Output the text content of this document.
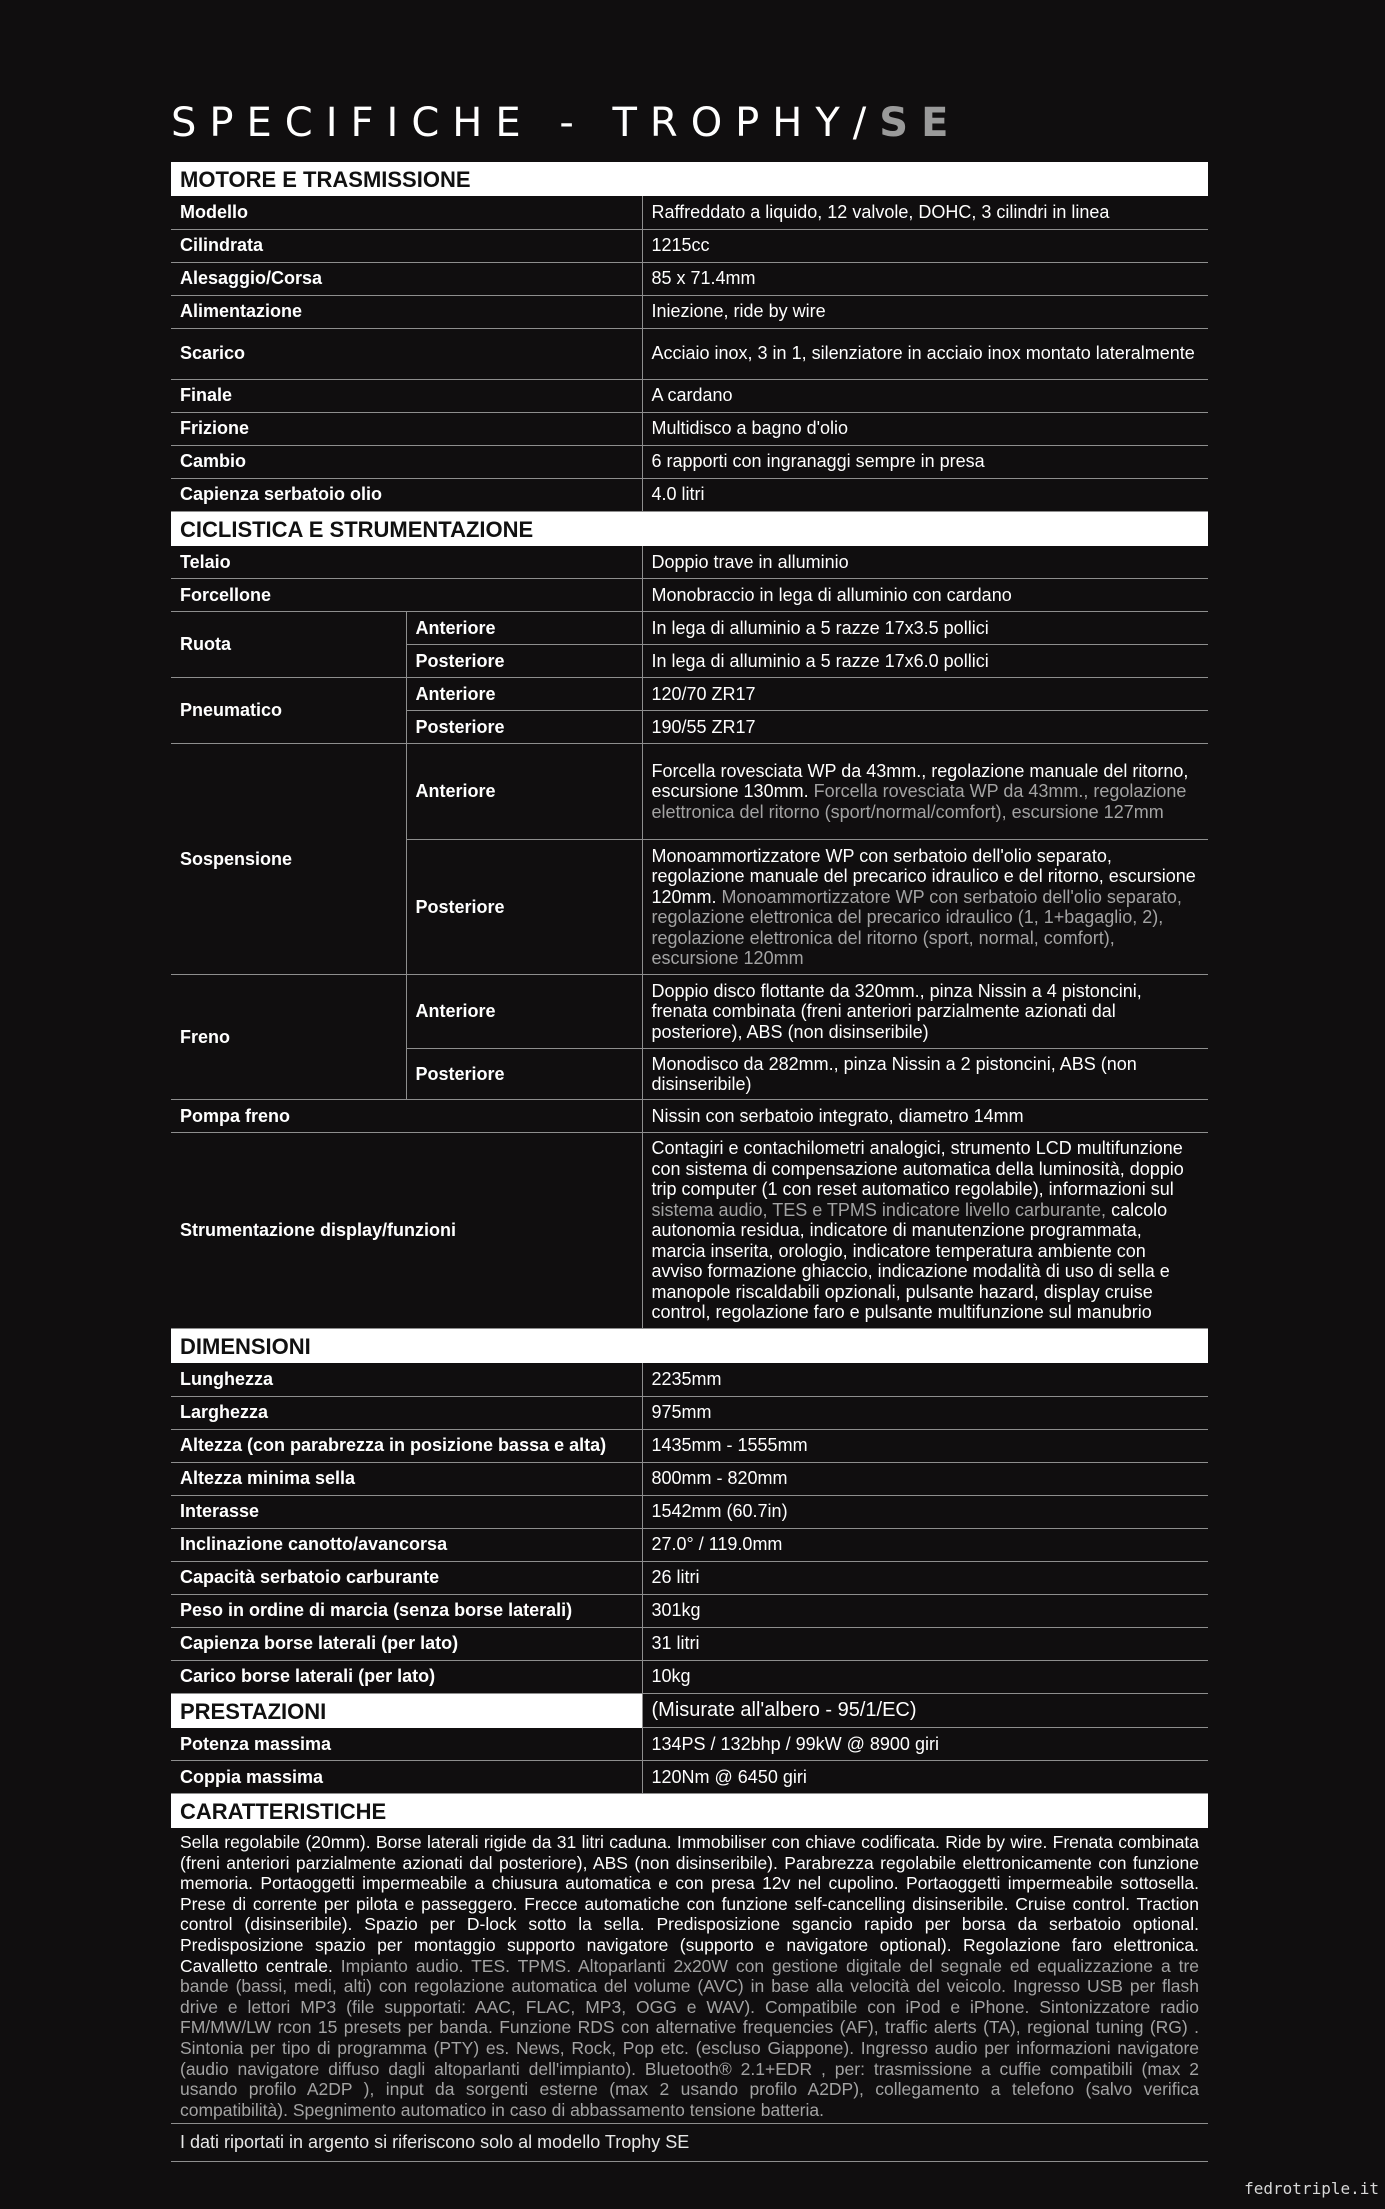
SPECIFICHE - TROPHY/SE
MOTORE E TRASMISSIONE		
Modello		Raffreddato a liquido, 12 valvole, DOHC, 3 cilindri in linea
Cilindrata		1215cc
Alesaggio/Corsa		85 x 71.4mm
Alimentazione		Iniezione, ride by wire
Scarico		Acciaio inox, 3 in 1, silenziatore in acciaio inox montato lateralmente
Finale		A cardano
Frizione		Multidisco a bagno d'olio
Cambio		6 rapporti con ingranaggi sempre in presa
Capienza serbatoio olio		4.0 litri
CICLISTICA E STRUMENTAZIONE		
Telaio		Doppio trave in alluminio
Forcellone		Monobraccio in lega di alluminio con cardano
Ruota	Anteriore	In lega di alluminio a 5 razze 17x3.5 pollici
	Posteriore	In lega di alluminio a 5 razze 17x6.0 pollici
Pneumatico	Anteriore	120/70 ZR17
	Posteriore	190/55 ZR17
Sospensione	Anteriore	Forcella rovesciata WP da 43mm., regolazione manuale del ritorno, escursione 130mm. Forcella rovesciata WP da 43mm., regolazione elettronica del ritorno (sport/normal/comfort), escursione 127mm
	Posteriore	Monoammortizzatore WP con serbatoio dell'olio separato, regolazione manuale del precarico idraulico e del ritorno, escursione 120mm. Monoammortizzatore WP con serbatoio dell'olio separato, regolazione elettronica del precarico idraulico (1, 1+bagaglio, 2), regolazione elettronica del ritorno (sport, normal, comfort), escursione 120mm
Freno	Anteriore	Doppio disco flottante da 320mm., pinza Nissin a 4 pistoncini, frenata combinata (freni anteriori parzialmente azionati dal posteriore), ABS (non disinseribile)
	Posteriore	Monodisco da 282mm., pinza Nissin a 2 pistoncini, ABS (non disinseribile)
Pompa freno		Nissin con serbatoio integrato, diametro 14mm
Strumentazione display/funzioni		Contagiri e contachilometri analogici, strumento LCD multifunzione con sistema di compensazione automatica della luminosità, doppio trip computer (1 con reset automatico regolabile), informazioni sul sistema audio, TES e TPMS indicatore livello carburante, calcolo autonomia residua, indicatore di manutenzione programmata, marcia inserita, orologio, indicatore temperatura ambiente con avviso formazione ghiaccio, indicazione modalità di uso di sella e manopole riscaldabili opzionali, pulsante hazard, display cruise control, regolazione faro e pulsante multifunzione sul manubrio
DIMENSIONI		
Lunghezza		2235mm
Larghezza		975mm
Altezza (con parabrezza in posizione bassa e alta)		1435mm - 1555mm
Altezza minima sella		800mm - 820mm
Interasse		1542mm (60.7in)
Inclinazione canotto/avancorsa		27.0° / 119.0mm
Capacità serbatoio carburante		26 litri
Peso in ordine di marcia (senza borse laterali)		301kg
Capienza borse laterali (per lato)		31 litri
Carico borse laterali (per lato)		10kg
PRESTAZIONI		(Misurate all'albero - 95/1/EC)
Potenza massima		134PS / 132bhp / 99kW @ 8900 giri
Coppia massima		120Nm @ 6450 giri
CARATTERISTICHE		
Sella regolabile (20mm). Borse laterali rigide da 31 litri caduna. Immobiliser con chiave codificata. Ride by wire. Frenata combinata (freni anteriori parzialmente azionati dal posteriore), ABS (non disinseribile). Parabrezza regolabile elettronicamente con funzione memoria. Portaoggetti impermeabile a chiusura automatica e con presa 12v nel cupolino. Portaoggetti impermeabile sottosella. Prese di corrente per pilota e passeggero. Frecce automatiche con funzione self-cancelling disinseribile. Cruise control. Traction control (disinseribile). Spazio per D-lock sotto la sella. Predisposizione sgancio rapido per borsa da serbatoio optional. Predisposizione spazio per montaggio supporto navigatore (supporto e navigatore optional). Regolazione faro elettronica. Cavalletto centrale. Impianto audio. TES. TPMS. Altoparlanti 2x20W con gestione digitale del segnale ed equalizzazione a tre bande (bassi, medi, alti) con regolazione automatica del volume (AVC) in base alla velocità del veicolo. Ingresso USB per flash drive e lettori MP3 (file supportati: AAC, FLAC, MP3, OGG e WAV). Compatibile con iPod e iPhone. Sintonizzatore radio FM/MW/LW rcon 15 presets per banda. Funzione RDS con alternative frequencies (AF), traffic alerts (TA), regional tuning (RG) . Sintonia per tipo di programma (PTY) es. News, Rock, Pop etc. (escluso Giappone). Ingresso audio per informazioni navigatore (audio navigatore diffuso dagli altoparlanti dell'impianto). Bluetooth® 2.1+EDR , per: trasmissione a cuffie compatibili (max 2 usando profilo A2DP ), input da sorgenti esterne (max 2 usando profilo A2DP), collegamento a telefono (salvo verifica compatibilità). Spegnimento automatico in caso di abbassamento tensione batteria.		
I dati riportati in argento si riferiscono solo al modello Trophy SE		
fedrotriple.it
